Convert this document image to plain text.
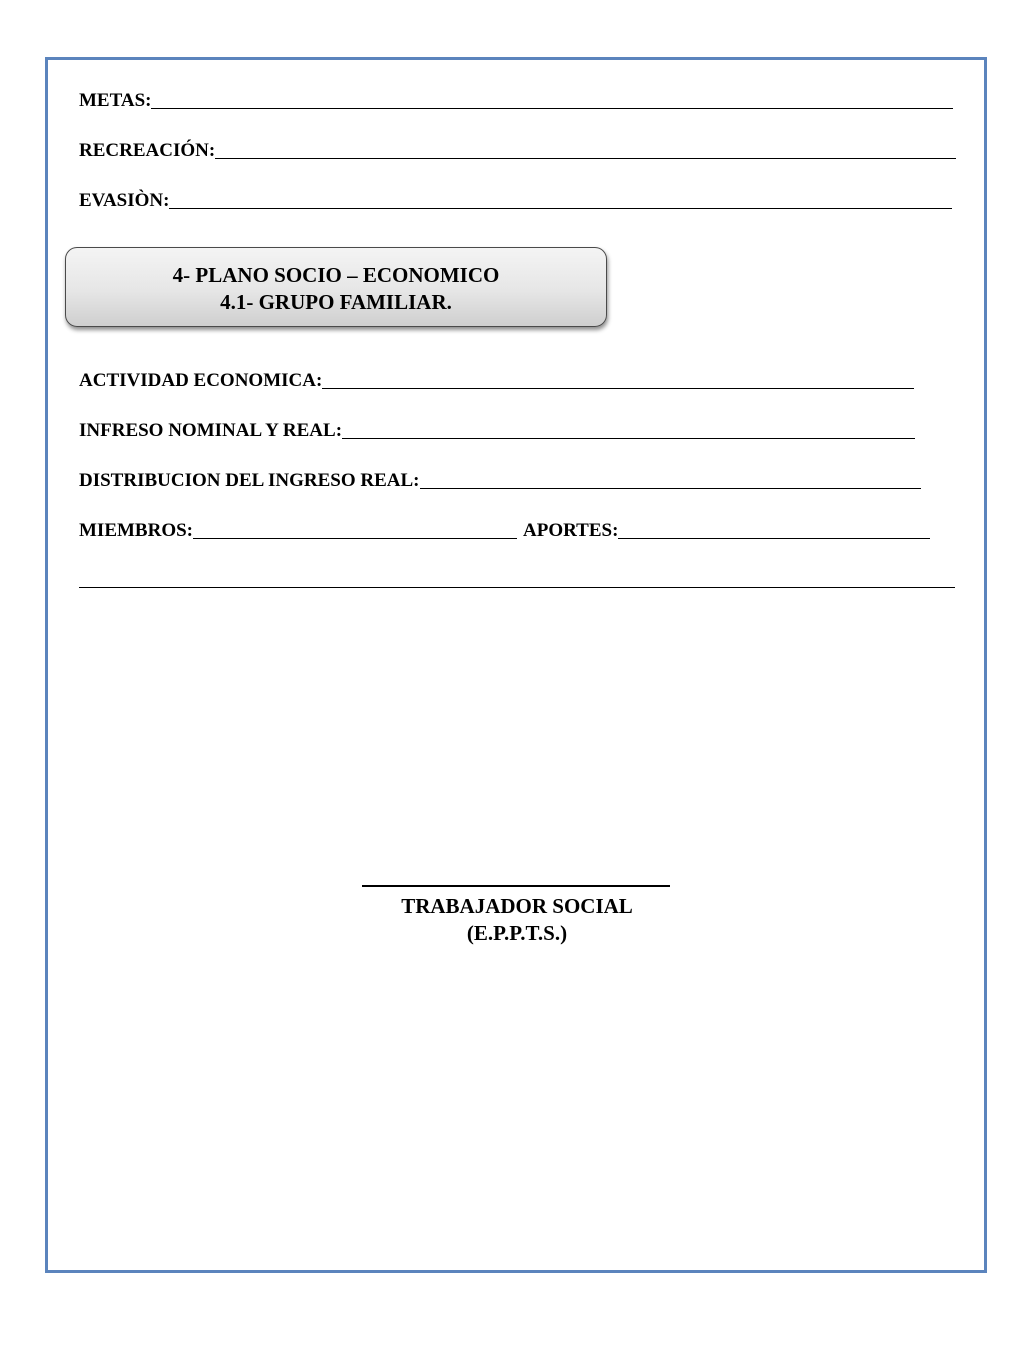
METAS:
RECREACIÓN:
EVASIÒN:
4- PLANO SOCIO – ECONOMICO
4.1- GRUPO FAMILIAR.
ACTIVIDAD ECONOMICA:
INFRESO NOMINAL Y REAL:
DISTRIBUCION DEL INGRESO REAL:
MIEMBROS:	APORTES:
TRABAJADOR SOCIAL
(E.P.P.T.S.)
